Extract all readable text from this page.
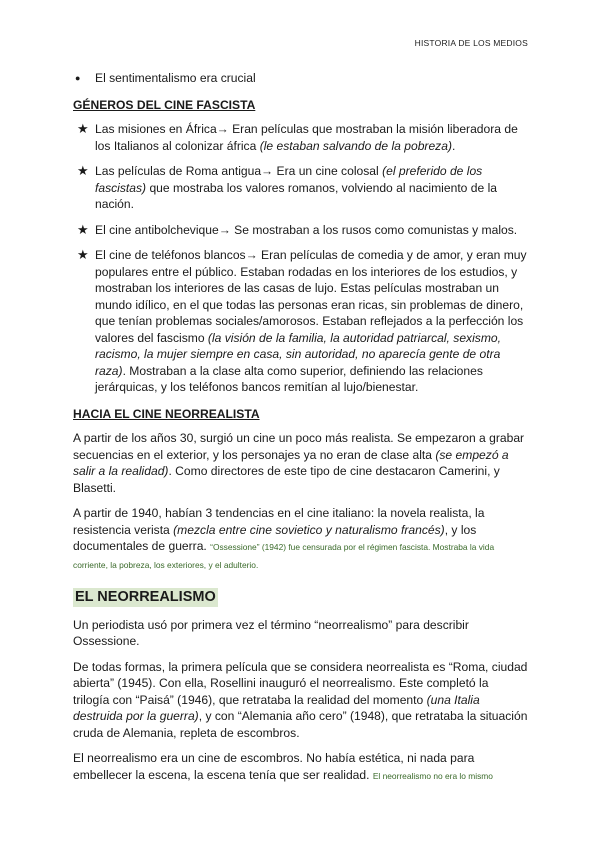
HISTORIA DE LOS MEDIOS
●	El sentimentalismo era crucial
GÉNEROS DEL CINE FASCISTA
★ Las misiones en África→ Eran películas que mostraban la misión liberadora de los Italianos al colonizar áfrica (le estaban salvando de la pobreza).
★ Las películas de Roma antigua→ Era un cine colosal (el preferido de los fascistas) que mostraba los valores romanos, volviendo al nacimiento de la nación.
★ El cine antibolchevique→ Se mostraban a los rusos como comunistas y malos.
★ El cine de teléfonos blancos→ Eran películas de comedia y de amor, y eran muy populares entre el público. Estaban rodadas en los interiores de los estudios, y mostraban los interiores de las casas de lujo. Estas películas mostraban un mundo idílico, en el que todas las personas eran ricas, sin problemas de dinero, que tenían problemas sociales/amorosos. Estaban reflejados a la perfección los valores del fascismo (la visión de la familia, la autoridad patriarcal, sexismo, racismo, la mujer siempre en casa, sin autoridad, no aparecía gente de otra raza). Mostraban a la clase alta como superior, definiendo las relaciones jerárquicas, y los teléfonos bancos remitían al lujo/bienestar.
HACIA EL CINE NEORREALISTA

A partir de los años 30, surgió un cine un poco más realista. Se empezaron a grabar secuencias en el exterior, y los personajes ya no eran de clase alta (se empezó a salir a la realidad). Como directores de este tipo de cine destacaron Camerini, y Blasetti.

A partir de 1940, habían 3 tendencias en el cine italiano: la novela realista, la resistencia verista (mezcla entre cine sovietico y naturalismo francés), y los documentales de guerra. “Ossessione” (1942) fue censurada por el régimen fascista. Mostraba la vida corriente, la pobreza, los exteriores, y el adulterio.

EL NEORREALISMO

Un periodista usó por primera vez el término “neorrealismo” para describir Ossessione.

De todas formas, la primera película que se considera neorrealista es “Roma, ciudad abierta” (1945). Con ella, Rosellini inauguró el neorrealismo. Este completó la trilogía con “Paisá” (1946), que retrataba la realidad del momento (una Italia destruida por la guerra), y con “Alemania año cero” (1948), que retrataba la situación cruda de Alemania, repleta de escombros.

El neorrealismo era un cine de escombros. No había estética, ni nada para embellecer la escena, la escena tenía que ser realidad. El neorrealismo no era lo mismo
